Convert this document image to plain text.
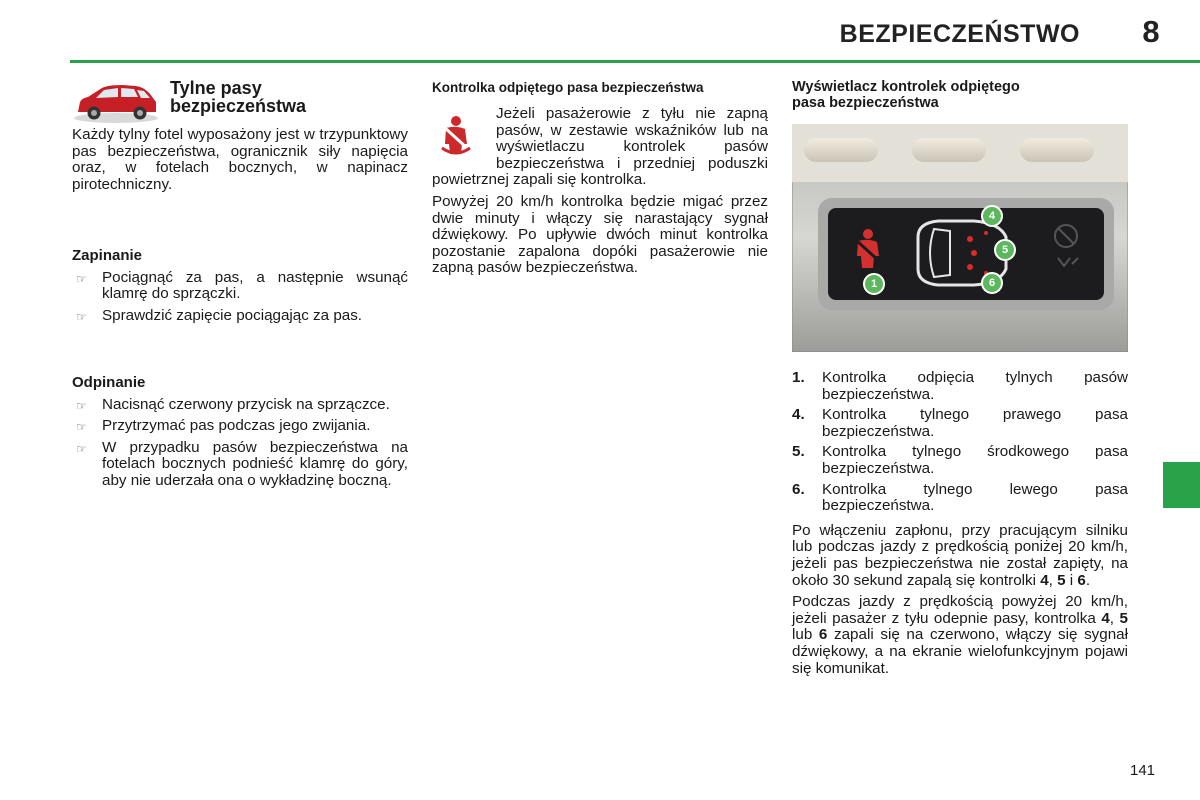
BEZPIECZEŃSTWO	8
Tylne pasy
bezpieczeństwa

Każdy tylny fotel wyposażony jest w trzypunktowy pas bezpieczeństwa, ogranicznik siły napięcia oraz, w fotelach bocznych, w napinacz pirotechniczny.

Zapinanie

☞ Pociągnąć za pas, a następnie wsunąć klamrę do sprzączki.
☞ Sprawdzić zapięcie pociągając za pas.

Odpinanie

☞ Nacisnąć czerwony przycisk na sprzączce.
☞ Przytrzymać pas podczas jego zwijania.
☞ W przypadku pasów bezpieczeństwa na fotelach bocznych podnieść klamrę do góry, aby nie uderzała ona o wykładzinę boczną.

Kontrolka odpiętego pasa bezpieczeństwa

Jeżeli pasażerowie z tyłu nie zapną pasów, w zestawie wskaźników lub na wyświetlaczu kontrolek pasów bezpieczeństwa i przedniej poduszki powietrznej zapali się kontrolka.

Powyżej 20 km/h kontrolka będzie migać przez dwie minuty i włączy się narastający sygnał dźwiękowy. Po upływie dwóch minut kontrolka pozostanie zapalona dopóki pasażerowie nie zapną pasów bezpieczeństwa.

Wyświetlacz kontrolek odpiętego
pasa bezpieczeństwa
1
4
5
6
1. Kontrolka odpięcia tylnych pasów bezpieczeństwa.
4. Kontrolka tylnego prawego pasa bezpieczeństwa.
5. Kontrolka tylnego środkowego pasa bezpieczeństwa.
6. Kontrolka tylnego lewego pasa bezpieczeństwa.

Po włączeniu zapłonu, przy pracującym silniku lub podczas jazdy z prędkością poniżej 20 km/h, jeżeli pas bezpieczeństwa nie został zapięty, na około 30 sekund zapalą się kontrolki 4, 5 i 6.

Podczas jazdy z prędkością powyżej 20 km/h, jeżeli pasażer z tyłu odepnie pasy, kontrolka 4, 5 lub 6 zapali się na czerwono, włączy się sygnał dźwiękowy, a na ekranie wielofunkcyjnym pojawi się komunikat.

141
